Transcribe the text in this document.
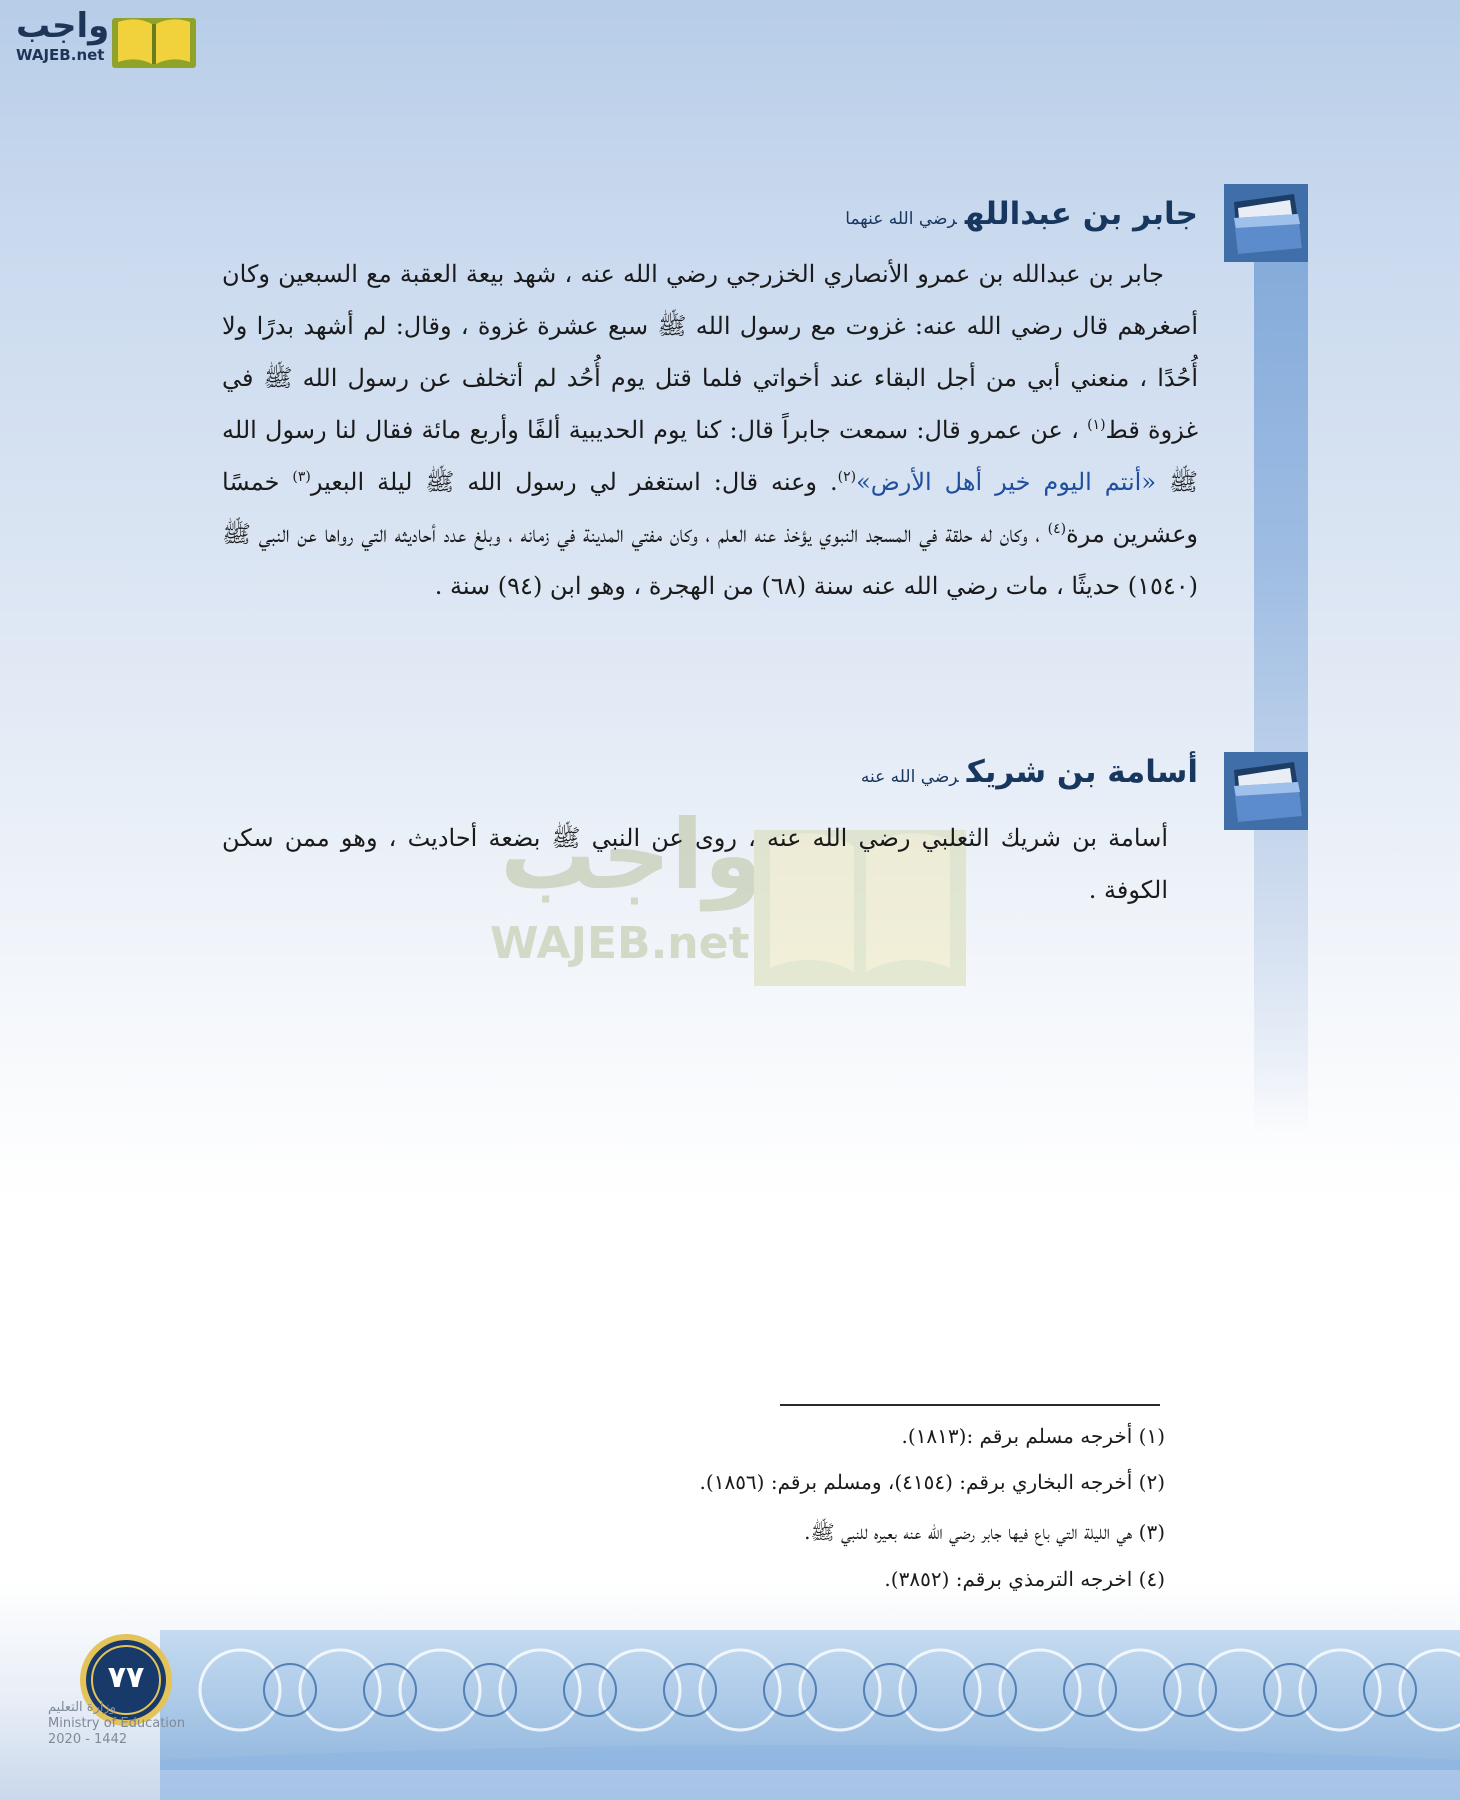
واجب
WAJEB.net
واجب
WAJEB.net
جابر بن عبداللهرضي الله عنهما
جابر بن عبدالله بن عمرو الأنصاري الخزرجي رضي الله عنه ، شهد بيعة العقبة مع السبعين وكان أصغرهم قال رضي الله عنه: غزوت مع رسول الله ﷺ سبع عشرة غزوة ، وقال: لم أشهد بدرًا ولا أُحُدًا ، منعني أبي من أجل البقاء عند أخواتي فلما قتل يوم أُحُد لم أتخلف عن رسول الله ﷺ في غزوة قط$^{(١)}$ ، عن عمرو قال: سمعت جابراً قال: كنا يوم الحديبية ألفًا وأربع مائة فقال لنا رسول الله ﷺ «أنتم اليوم خير أهل الأرض»$^{(٢)}$. وعنه قال: استغفر لي رسول الله ﷺ ليلة البعير$^{(٣)}$ خمسًا وعشرين مرة$^{(٤)}$ ، وكان له حلقة في المسجد النبوي يؤخذ عنه العلم ، وكان مفتي المدينة في زمانه ، وبلغ عدد أحاديثه التي رواها عن النبي ﷺ (١٥٤٠) حديثًا ، مات رضي الله عنه سنة (٦٨) من الهجرة ، وهو ابن (٩٤) سنة .
أسامة بن شريكرضي الله عنه
أسامة بن شريك الثعلبي رضي الله عنه ، روى عن النبي ﷺ بضعة أحاديث ، وهو ممن سكن الكوفة .
(١) أخرجه مسلم برقم :(١٨١٣).
(٢) أخرجه البخاري برقم: (٤١٥٤)، ومسلم برقم: (١٨٥٦).
(٣) هي الليلة التي باع فيها جابر رضي الله عنه بعيره للنبي ﷺ.
(٤) اخرجه الترمذي برقم: (٣٨٥٢).
٧٧
وزارة التعليم
Ministry of Education
2020 - 1442
